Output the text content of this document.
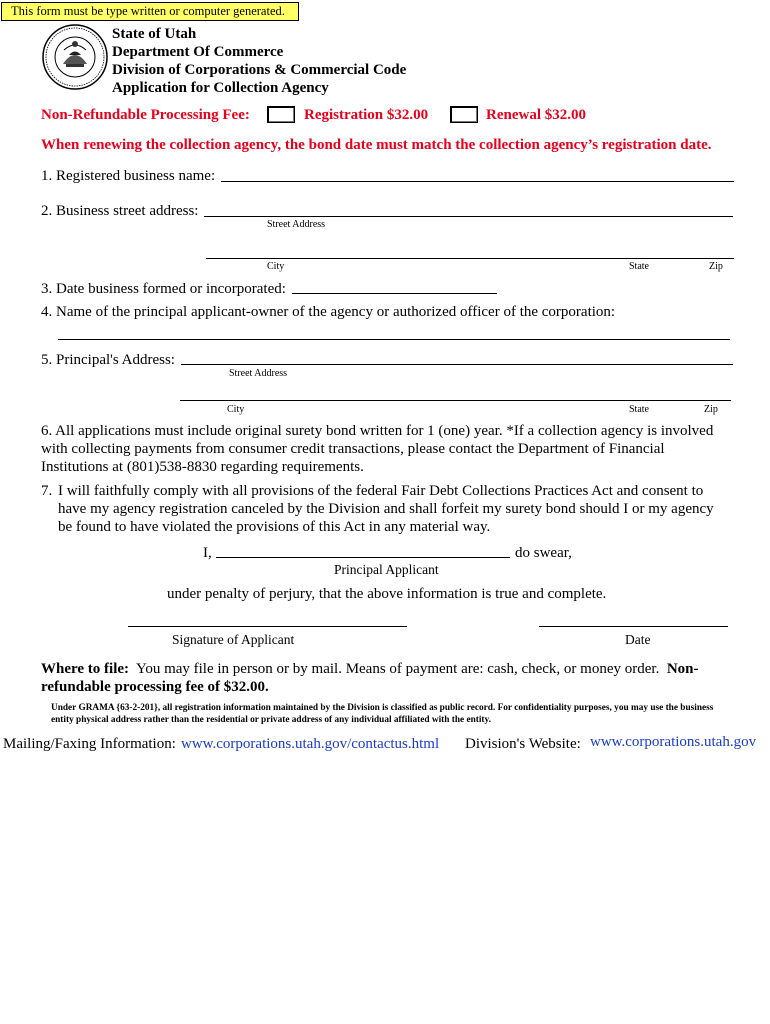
This form must be type written or computer generated.
State of Utah
Department Of Commerce
Division of Corporations & Commercial Code
Application for Collection Agency
Non-Refundable Processing Fee:	Registration $32.00	Renewal $32.00
When renewing the collection agency, the bond date must match the collection agency’s registration date.
1. Registered business name:
2. Business street address:
Street Address
City	State	Zip
3. Date business formed or incorporated:
4. Name of the principal applicant-owner of the agency or authorized officer of the corporation:
5. Principal's Address:
Street Address
City	State	Zip
6. All applications must include original surety bond written for 1 (one) year. *If a collection agency is involved with collecting payments from consumer credit transactions, please contact the Department of Financial Institutions at (801)538-8830 regarding requirements.
7. I will faithfully comply with all provisions of the federal Fair Debt Collections Practices Act and consent to have my agency registration canceled by the Division and shall forfeit my surety bond should I or my agency be found to have violated the provisions of this Act in any material way.
I,	do swear,
Principal Applicant
under penalty of perjury, that the above information is true and complete.
Signature of Applicant	Date
Where to file: You may file in person or by mail. Means of payment are: cash, check, or money order. Non-refundable processing fee of $32.00.
Under GRAMA {63-2-201}, all registration information maintained by the Division is classified as public record. For confidentiality purposes, you may use the business entity physical address rather than the residential or private address of any individual affiliated with the entity.
Mailing/Faxing Information: www.corporations.utah.gov/contactus.html Division's Website: www.corporations.utah.gov
